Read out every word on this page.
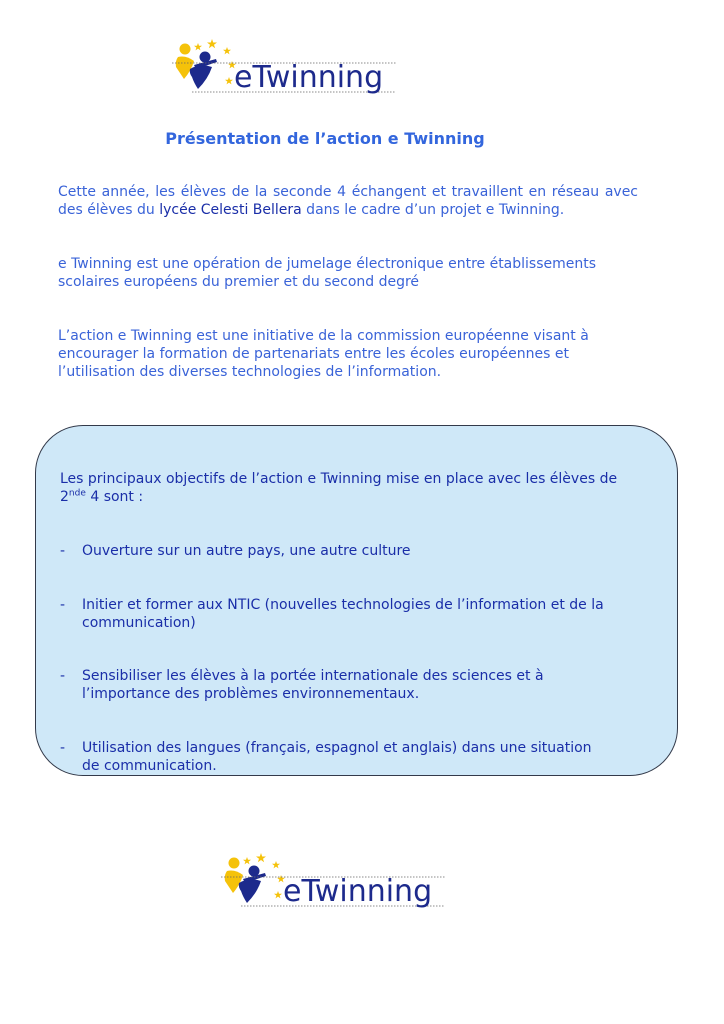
eTwinning
Présentation de l’action e Twinning

Cette année, les élèves de la seconde 4 échangent et travaillent en réseau avec des élèves du lycée Celesti Bellera dans le cadre d’un projet e Twinning.

e Twinning est une opération de jumelage électronique entre établissements scolaires européens du premier et du second degré

L’action e Twinning est une initiative de la commission européenne visant à encourager la formation de partenariats entre les écoles européennes et l’utilisation des diverses technologies de l’information.

Les principaux objectifs de l’action e Twinning mise en place avec les élèves de 2nde 4 sont :

- Ouverture sur un autre pays, une autre culture

- Initier et former aux NTIC (nouvelles technologies de l’information et de la communication)

- Sensibiliser les élèves à la portée internationale des sciences et à l’importance des problèmes environnementaux.

- Utilisation des langues (français, espagnol et anglais) dans une situation de communication.

eTwinning
